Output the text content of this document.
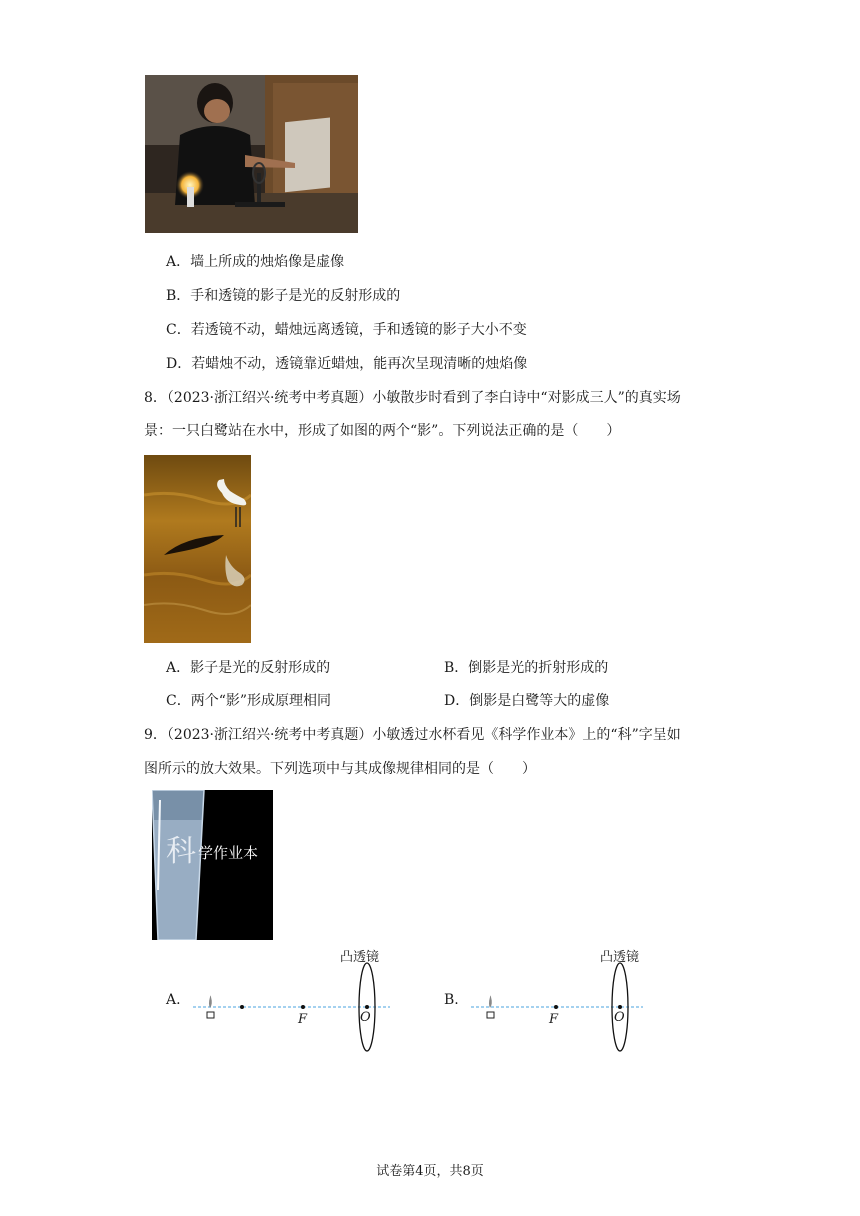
A．墙上所成的烛焰像是虚像
B．手和透镜的影子是光的反射形成的
C．若透镜不动，蜡烛远离透镜，手和透镜的影子大小不变
D．若蜡烛不动，透镜靠近蜡烛，能再次呈现清晰的烛焰像
8．（2023·浙江绍兴·统考中考真题）小敏散步时看到了李白诗中“对影成三人”的真实场
景：一只白鹭站在水中，形成了如图的两个“影”。下列说法正确的是（　　）
A．影子是光的反射形成的	B．倒影是光的折射形成的
C．两个“影”形成原理相同	D．倒影是白鹭等大的虚像
9．（2023·浙江绍兴·统考中考真题）小敏透过水杯看见《科学作业本》上的“科”字呈如
图所示的放大效果。下列选项中与其成像规律相同的是（　　）
科 学作业本
A.
凸透镜
F	O
B.
凸透镜
F	O
试卷第4页，共8页
